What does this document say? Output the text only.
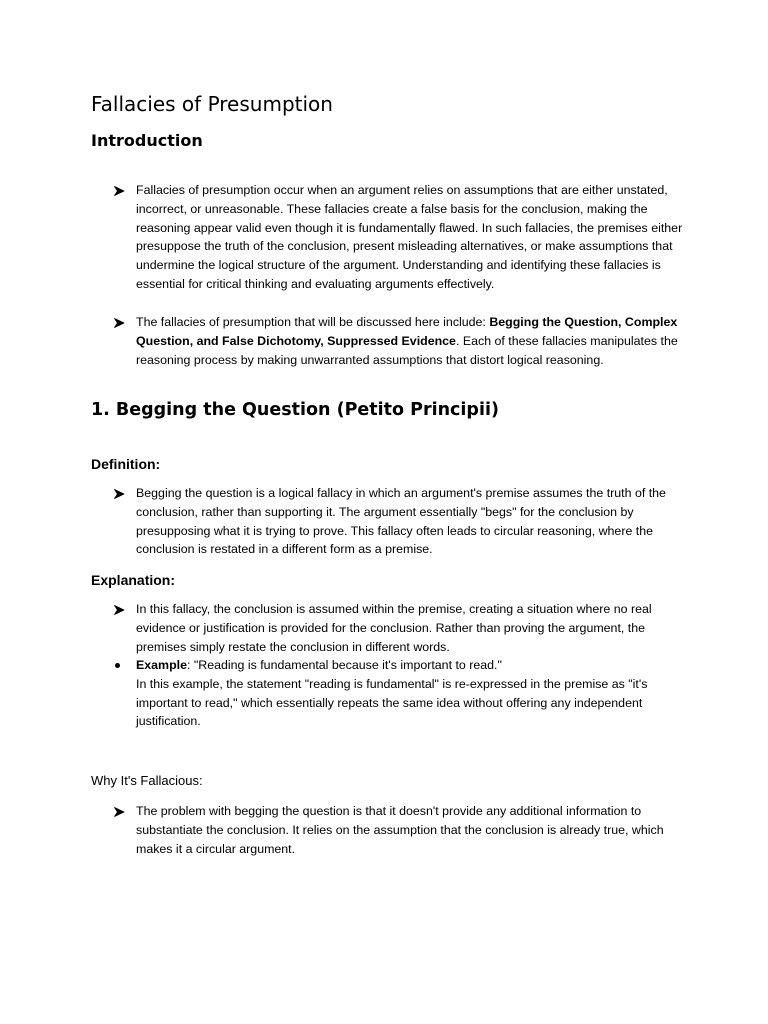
Fallacies of Presumption
Introduction
Fallacies of presumption occur when an argument relies on assumptions that are either unstated, incorrect, or unreasonable. These fallacies create a false basis for the conclusion, making the reasoning appear valid even though it is fundamentally flawed. In such fallacies, the premises either presuppose the truth of the conclusion, present misleading alternatives, or make assumptions that undermine the logical structure of the argument. Understanding and identifying these fallacies is essential for critical thinking and evaluating arguments effectively.
The fallacies of presumption that will be discussed here include: Begging the Question, Complex Question, and False Dichotomy, Suppressed Evidence. Each of these fallacies manipulates the reasoning process by making unwarranted assumptions that distort logical reasoning.
1. Begging the Question (Petito Principii)
Definition:
Begging the question is a logical fallacy in which an argument's premise assumes the truth of the conclusion, rather than supporting it. The argument essentially "begs" for the conclusion by presupposing what it is trying to prove. This fallacy often leads to circular reasoning, where the conclusion is restated in a different form as a premise.
Explanation:
In this fallacy, the conclusion is assumed within the premise, creating a situation where no real evidence or justification is provided for the conclusion. Rather than proving the argument, the premises simply restate the conclusion in different words.
Example: "Reading is fundamental because it's important to read."
In this example, the statement "reading is fundamental" is re-expressed in the premise as "it's important to read," which essentially repeats the same idea without offering any independent justification.
Why It's Fallacious:
The problem with begging the question is that it doesn't provide any additional information to substantiate the conclusion. It relies on the assumption that the conclusion is already true, which makes it a circular argument.
